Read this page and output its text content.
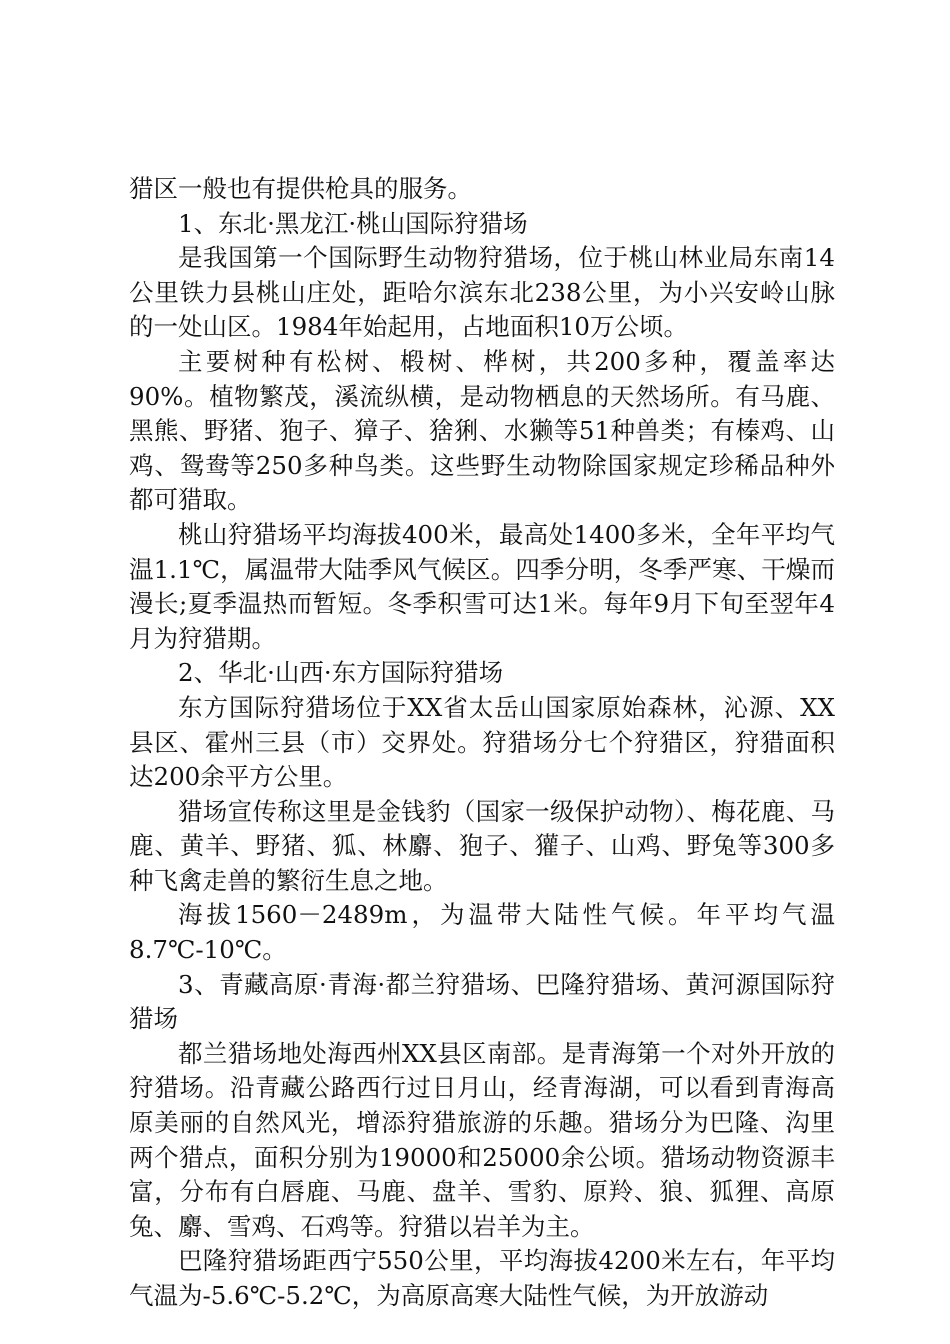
猎区一般也有提供枪具的服务。

1、东北·黑龙江·桃山国际狩猎场

是我国第一个国际野生动物狩猎场，位于桃山林业局东南14公里铁力县桃山庄处，距哈尔滨东北238公里，为小兴安岭山脉的一处山区。1984年始起用，占地面积10万公顷。

主要树种有松树、椴树、桦树，共200多种，覆盖率达90%。植物繁茂，溪流纵横，是动物栖息的天然场所。有马鹿、黑熊、野猪、狍子、獐子、猞猁、水獭等51种兽类；有榛鸡、山鸡、鸳鸯等250多种鸟类。这些野生动物除国家规定珍稀品种外都可猎取。

桃山狩猎场平均海拔400米，最高处1400多米，全年平均气温1.1℃，属温带大陆季风气候区。四季分明，冬季严寒、干燥而漫长;夏季温热而暂短。冬季积雪可达1米。每年9月下旬至翌年4月为狩猎期。

2、华北·山西·东方国际狩猎场

东方国际狩猎场位于XX省太岳山国家原始森林，沁源、XX县区、霍州三县（市）交界处。狩猎场分七个狩猎区，狩猎面积达200余平方公里。

猎场宣传称这里是金钱豹（国家一级保护动物）、梅花鹿、马鹿、黄羊、野猪、狐、林麝、狍子、獾子、山鸡、野兔等300多种飞禽走兽的繁衍生息之地。

海拔1560－2489m，为温带大陆性气候。年平均气温8.7℃-10℃。

3、青藏高原·青海·都兰狩猎场、巴隆狩猎场、黄河源国际狩猎场

都兰猎场地处海西州XX县区南部。是青海第一个对外开放的狩猎场。沿青藏公路西行过日月山，经青海湖，可以看到青海高原美丽的自然风光，增添狩猎旅游的乐趣。猎场分为巴隆、沟里两个猎点，面积分别为19000和25000余公顷。猎场动物资源丰富，分布有白唇鹿、马鹿、盘羊、雪豹、原羚、狼、狐狸、高原兔、麝、雪鸡、石鸡等。狩猎以岩羊为主。

巴隆狩猎场距西宁550公里，平均海拔4200米左右，年平均气温为-5.6℃-5.2℃，为高原高寒大陆性气候，为开放游动
